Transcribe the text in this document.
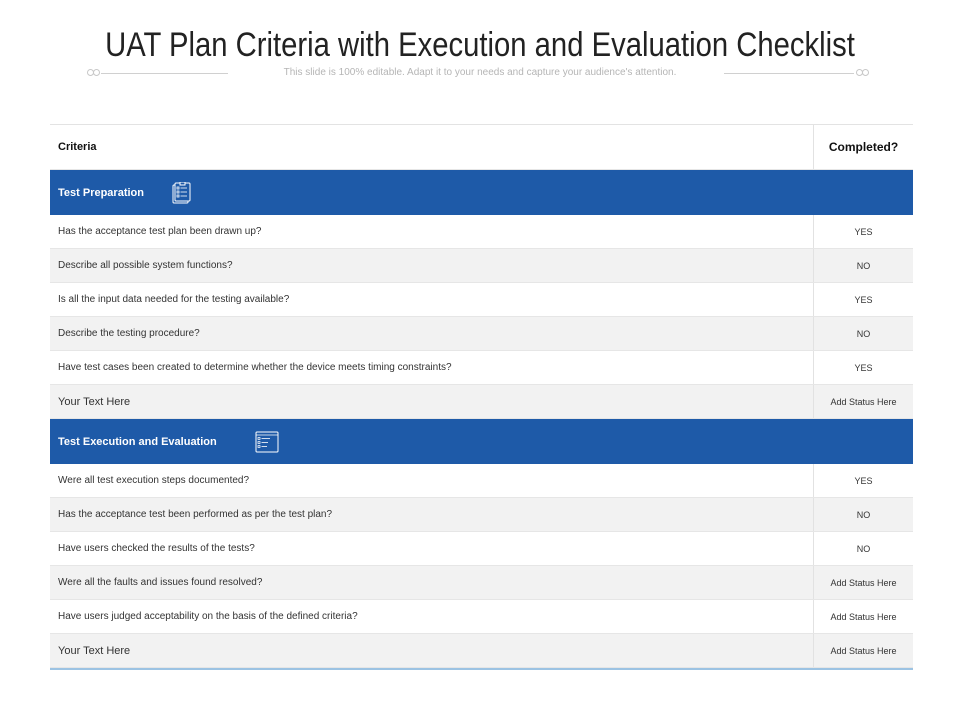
UAT Plan Criteria with Execution and Evaluation Checklist
This slide is 100% editable. Adapt it to your needs and capture your audience's attention.
Criteria	Completed?
Test Preparation
Has the acceptance test plan been drawn up?	YES
Describe all possible system functions?	NO
Is all the input data needed for the testing available?	YES
Describe the testing procedure?	NO
Have test cases been created to determine whether the device meets timing constraints?	YES
Your Text Here	Add Status Here
Test Execution and Evaluation
Were all test execution steps documented?	YES
Has the acceptance test been performed as per the test plan?	NO
Have users checked the results of the tests?	NO
Were all the faults and issues found resolved?	Add Status Here
Have users judged acceptability on the basis of the defined criteria?	Add Status Here
Your Text Here	Add Status Here
